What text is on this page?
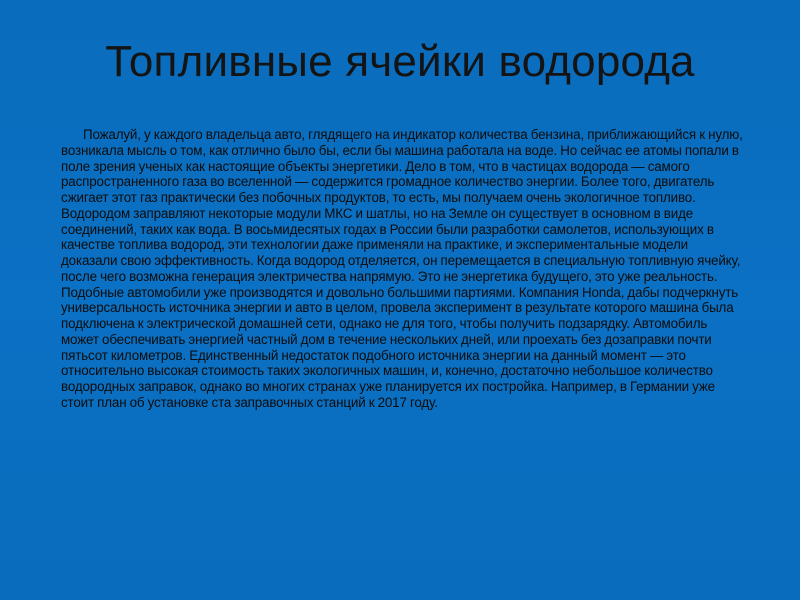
Топливные ячейки водорода

Пожалуй, у каждого владельца авто, глядящего на индикатор количества бензина, приближающийся к нулю, возникала мысль о том, как отлично было бы, если бы машина работала на воде. Но сейчас ее атомы попали в поле зрения ученых как настоящие объекты энергетики. Дело в том, что в частицах водорода — самого распространенного газа во вселенной — содержится громадное количество энергии. Более того, двигатель сжигает этот газ практически без побочных продуктов, то есть, мы получаем очень экологичное топливо. Водородом заправляют некоторые модули МКС и шатлы, но на Земле он существует в основном в виде соединений, таких как вода. В восьмидесятых годах в России были разработки самолетов, использующих в качестве топлива водород, эти технологии даже применяли на практике, и экспериментальные модели доказали свою эффективность. Когда водород отделяется, он перемещается в специальную топливную ячейку, после чего возможна генерация электричества напрямую. Это не энергетика будущего, это уже реальность. Подобные автомобили уже производятся и довольно большими партиями. Компания Honda, дабы подчеркнуть универсальность источника энергии и авто в целом, провела эксперимент в результате которого машина была подключена к электрической домашней сети, однако не для того, чтобы получить подзарядку. Автомобиль может обеспечивать энергией частный дом в течение нескольких дней, или проехать без дозаправки почти пятьсот километров. Единственный недостаток подобного источника энергии на данный момент — это относительно высокая стоимость таких экологичных машин, и, конечно, достаточно небольшое количество водородных заправок, однако во многих странах уже планируется их постройка. Например, в Германии уже стоит план об установке ста заправочных станций к 2017 году.
